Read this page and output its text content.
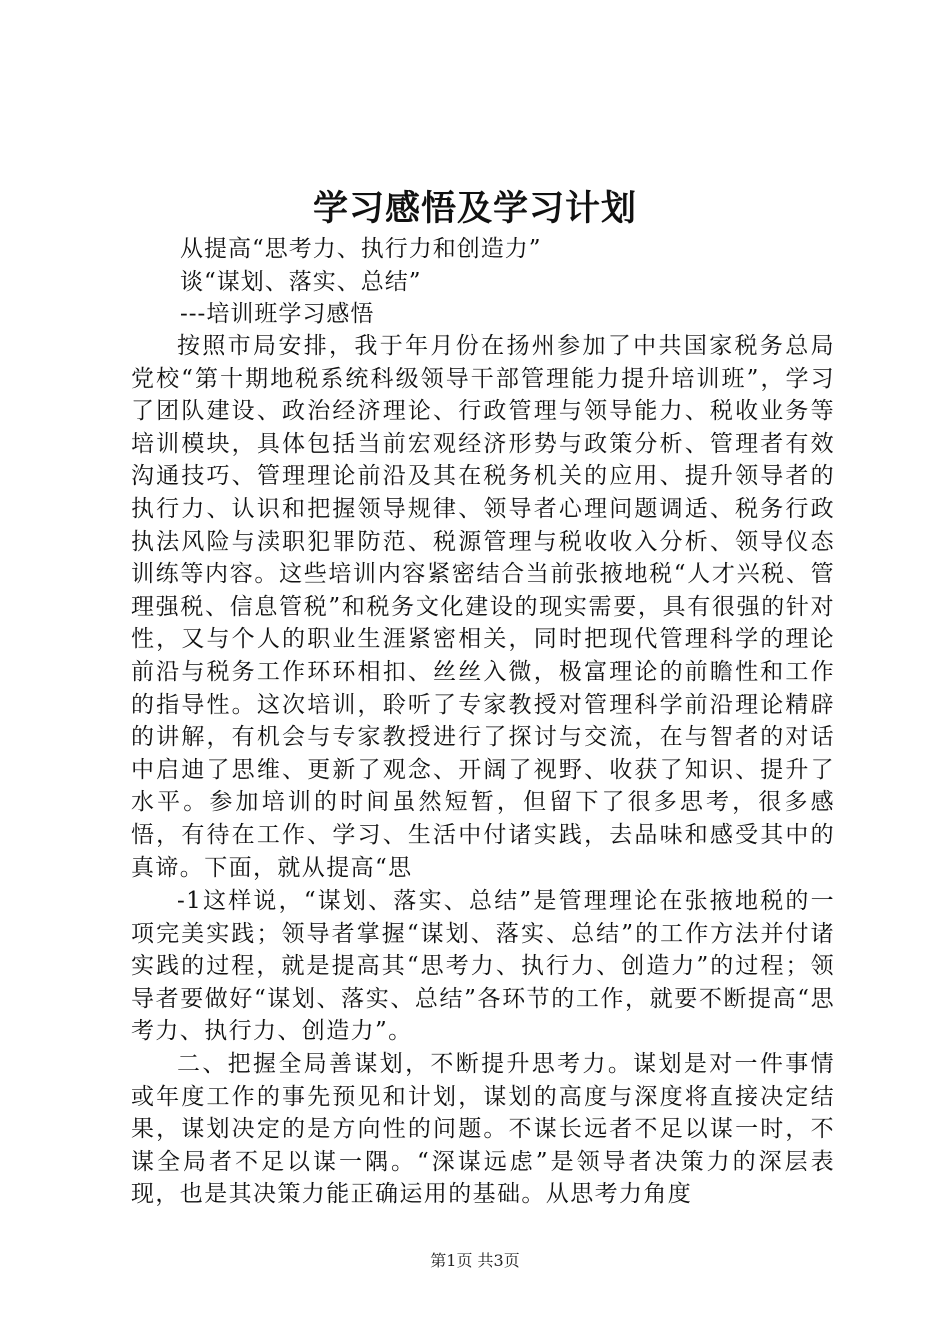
学习感悟及学习计划
从提高“思考力、执行力和创造力”
谈“谋划、落实、总结”
---培训班学习感悟

按照市局安排，我于年月份在扬州参加了中共国家税务总局党校“第十期地税系统科级领导干部管理能力提升培训班”，学习了团队建设、政治经济理论、行政管理与领导能力、税收业务等培训模块，具体包括当前宏观经济形势与政策分析、管理者有效沟通技巧、管理理论前沿及其在税务机关的应用、提升领导者的执行力、认识和把握领导规律、领导者心理问题调适、税务行政执法风险与渎职犯罪防范、税源管理与税收收入分析、领导仪态训练等内容。这些培训内容紧密结合当前张掖地税“人才兴税、管理强税、信息管税”和税务文化建设的现实需要，具有很强的针对性，又与个人的职业生涯紧密相关，同时把现代管理科学的理论前沿与税务工作环环相扣、丝丝入微，极富理论的前瞻性和工作的指导性。这次培训，聆听了专家教授对管理科学前沿理论精辟的讲解，有机会与专家教授进行了探讨与交流，在与智者的对话中启迪了思维、更新了观念、开阔了视野、收获了知识、提升了水平。参加培训的时间虽然短暂，但留下了很多思考，很多感悟，有待在工作、学习、生活中付诸实践，去品味和感受其中的真谛。下面，就从提高“思

-1这样说，“谋划、落实、总结”是管理理论在张掖地税的一项完美实践；领导者掌握“谋划、落实、总结”的工作方法并付诸实践的过程，就是提高其“思考力、执行力、创造力”的过程；领导者要做好“谋划、落实、总结”各环节的工作，就要不断提高“思考力、执行力、创造力”。

二、把握全局善谋划，不断提升思考力。谋划是对一件事情或年度工作的事先预见和计划，谋划的高度与深度将直接决定结果，谋划决定的是方向性的问题。不谋长远者不足以谋一时，不谋全局者不足以谋一隅。“深谋远虑”是领导者决策力的深层表现，也是其决策力能正确运用的基础。从思考力角度

第1页 共3页
